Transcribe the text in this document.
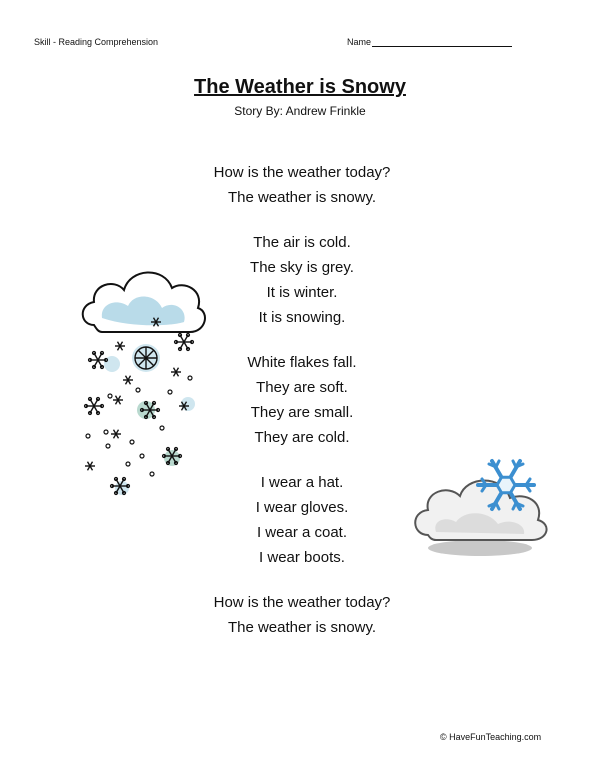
Skill - Reading Comprehension	Name
The Weather is Snowy
Story By: Andrew Frinkle
How is the weather today?
The weather is snowy.
The air is cold.
The sky is grey.
It is winter.
It is snowing.
White flakes fall.
They are soft.
They are small.
They are cold.
I wear a hat.
I wear gloves.
I wear a coat.
I wear boots.
How is the weather today?
The weather is snowy.
© HaveFunTeaching.com
